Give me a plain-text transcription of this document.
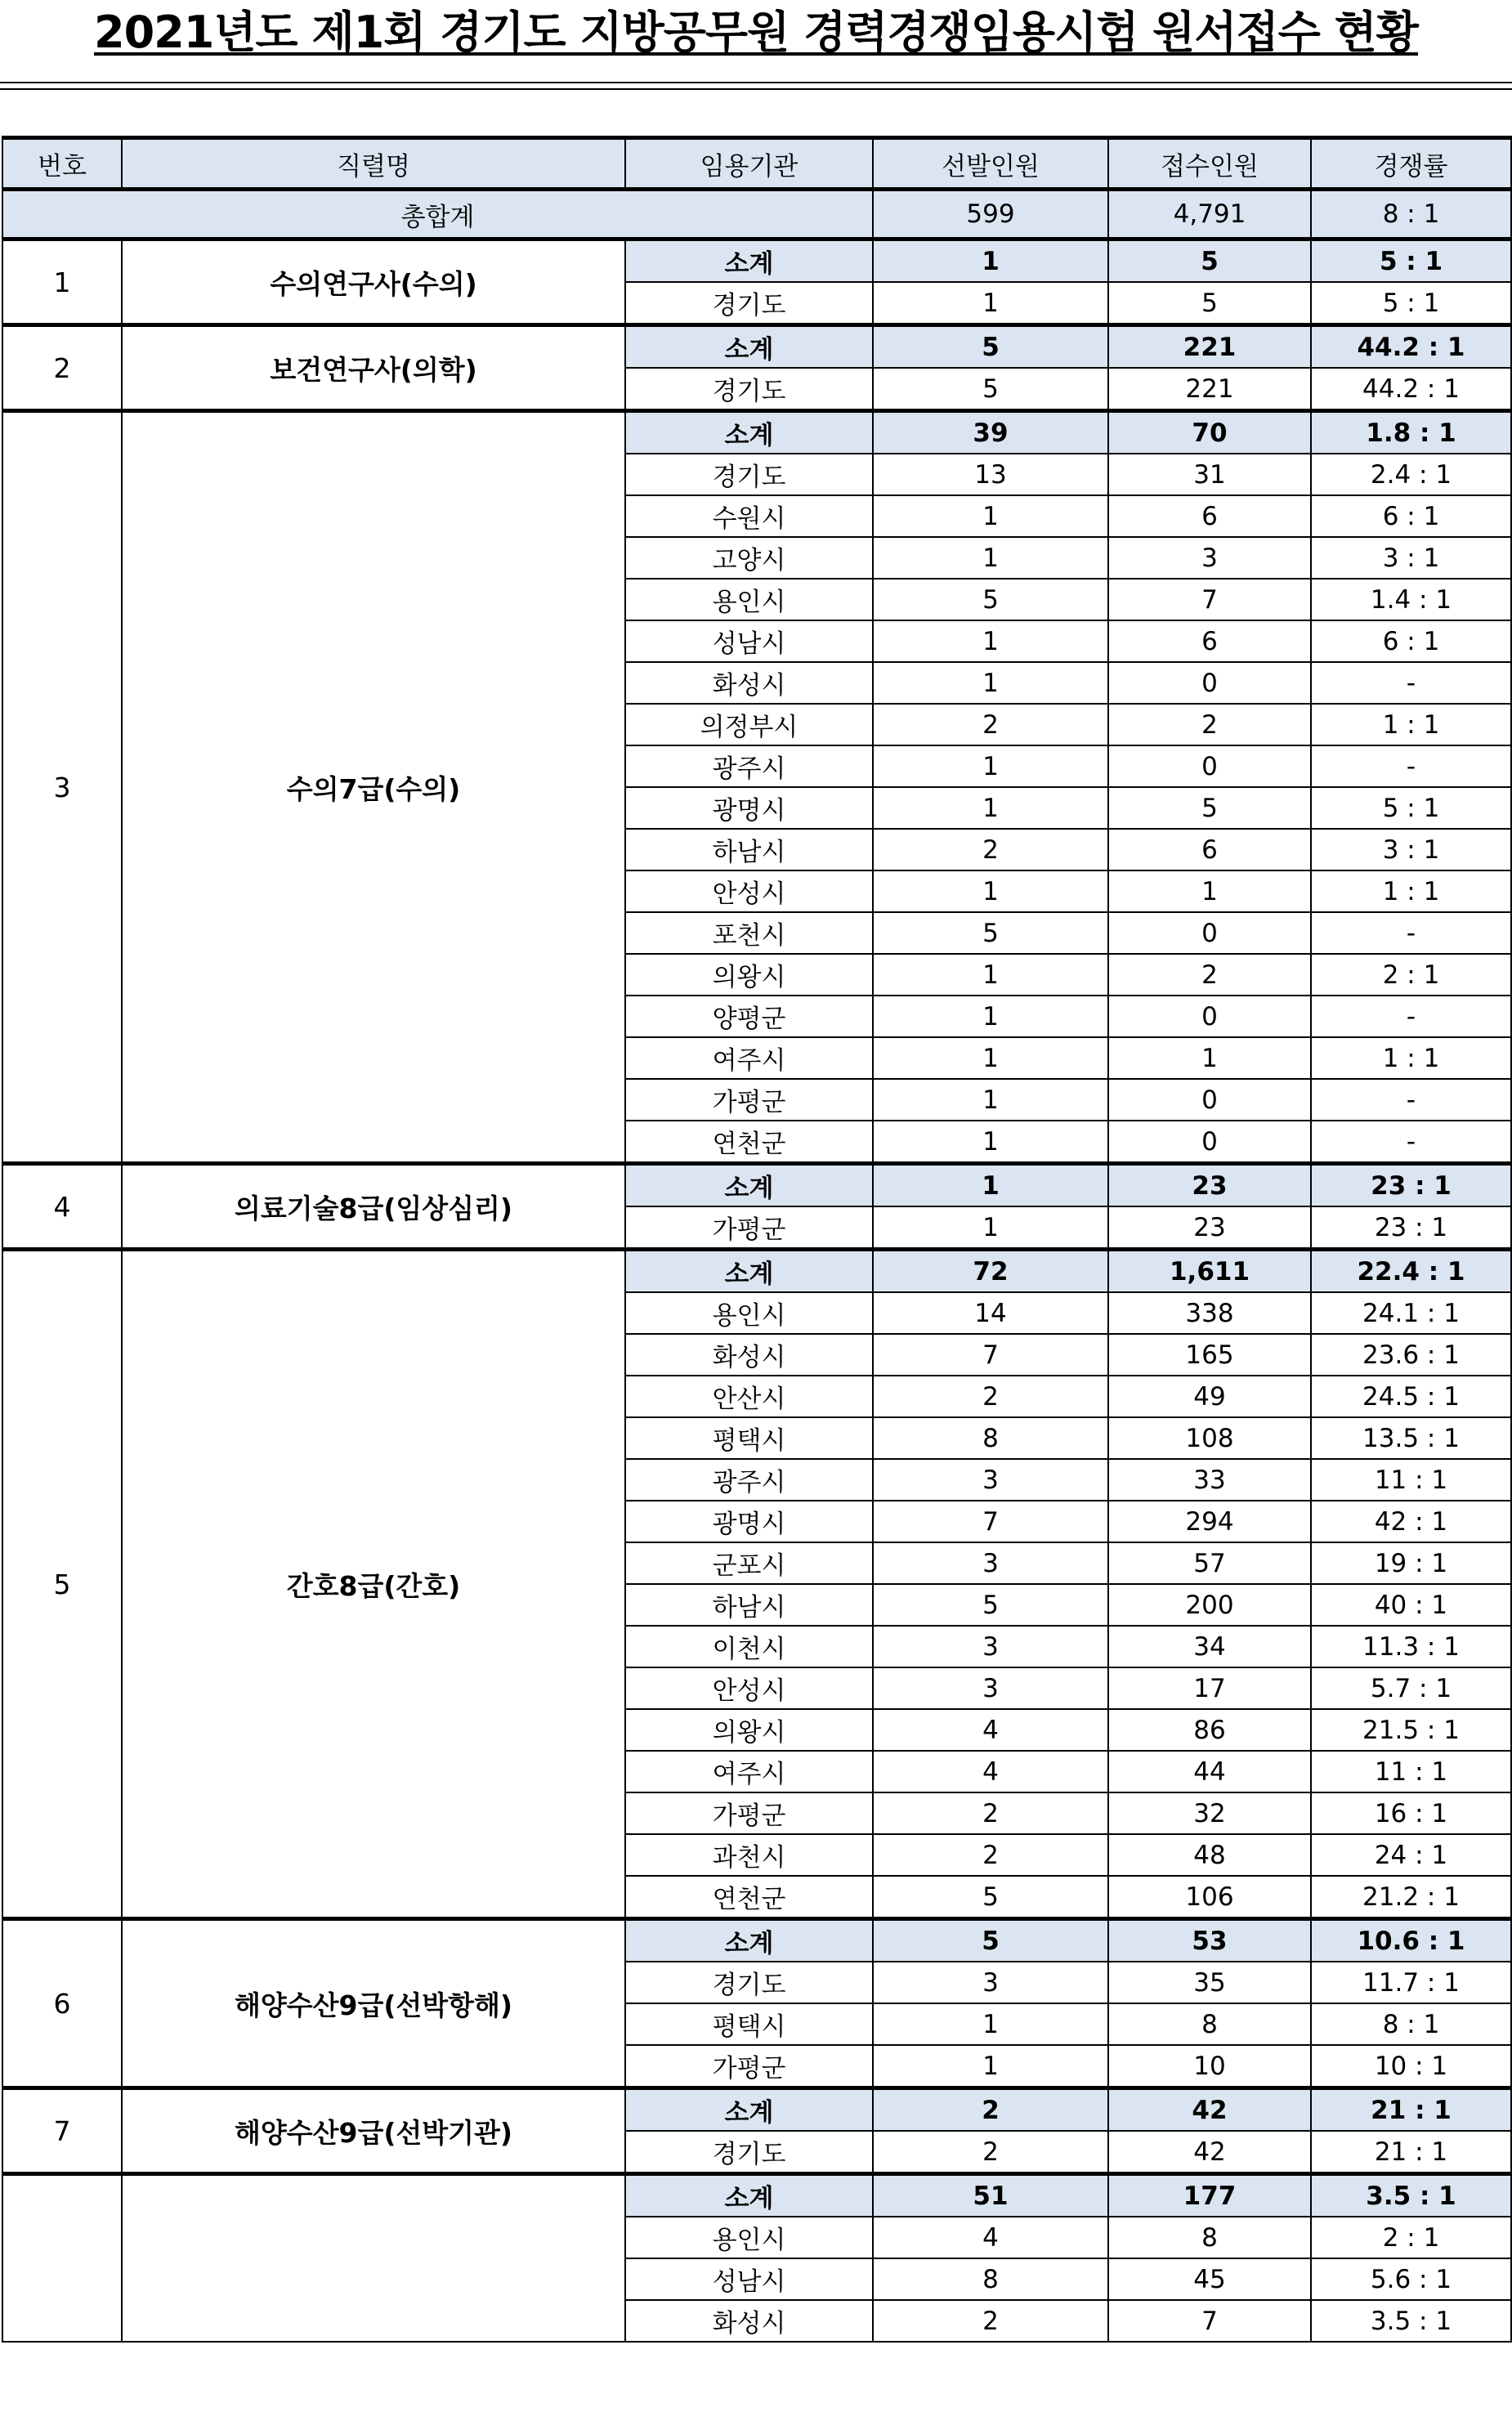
2021년도 제1회 경기도 지방공무원 경력경쟁임용시험 원서접수 현황
번호	직렬명	임용기관	선발인원	접수인원	경쟁률
총합계			599	4,791	8 : 1
1	수의연구사(수의)	소계	1	5	5 : 1
		경기도	1	5	5 : 1
2	보건연구사(의학)	소계	5	221	44.2 : 1
		경기도	5	221	44.2 : 1
3	수의7급(수의)	소계	39	70	1.8 : 1
		경기도	13	31	2.4 : 1
		수원시	1	6	6 : 1
		고양시	1	3	3 : 1
		용인시	5	7	1.4 : 1
		성남시	1	6	6 : 1
		화성시	1	0	-
		의정부시	2	2	1 : 1
		광주시	1	0	-
		광명시	1	5	5 : 1
		하남시	2	6	3 : 1
		안성시	1	1	1 : 1
		포천시	5	0	-
		의왕시	1	2	2 : 1
		양평군	1	0	-
		여주시	1	1	1 : 1
		가평군	1	0	-
		연천군	1	0	-
4	의료기술8급(임상심리)	소계	1	23	23 : 1
		가평군	1	23	23 : 1
5	간호8급(간호)	소계	72	1,611	22.4 : 1
		용인시	14	338	24.1 : 1
		화성시	7	165	23.6 : 1
		안산시	2	49	24.5 : 1
		평택시	8	108	13.5 : 1
		광주시	3	33	11 : 1
		광명시	7	294	42 : 1
		군포시	3	57	19 : 1
		하남시	5	200	40 : 1
		이천시	3	34	11.3 : 1
		안성시	3	17	5.7 : 1
		의왕시	4	86	21.5 : 1
		여주시	4	44	11 : 1
		가평군	2	32	16 : 1
		과천시	2	48	24 : 1
		연천군	5	106	21.2 : 1
6	해양수산9급(선박항해)	소계	5	53	10.6 : 1
		경기도	3	35	11.7 : 1
		평택시	1	8	8 : 1
		가평군	1	10	10 : 1
7	해양수산9급(선박기관)	소계	2	42	21 : 1
		경기도	2	42	21 : 1
		소계	51	177	3.5 : 1
		용인시	4	8	2 : 1
		성남시	8	45	5.6 : 1
		화성시	2	7	3.5 : 1
